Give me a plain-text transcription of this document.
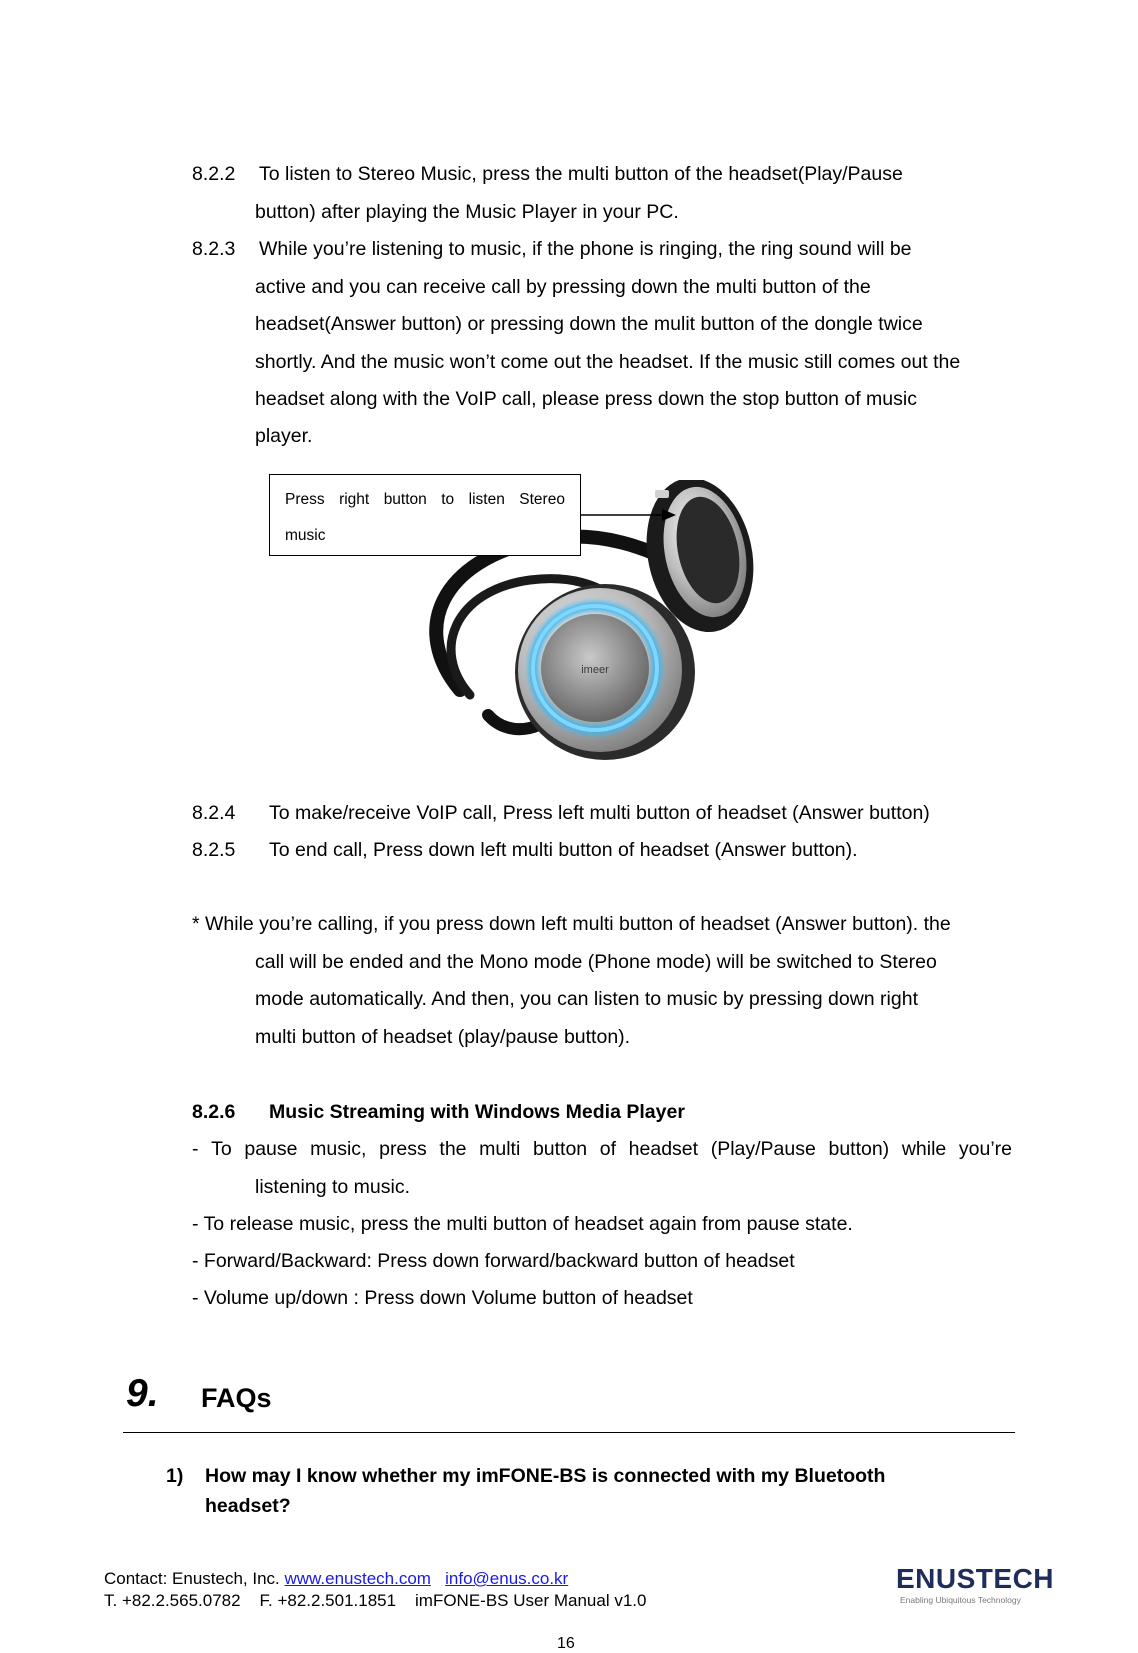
8.2.2 To listen to Stereo Music, press the multi button of the headset(Play/Pause
button) after playing the Music Player in your PC.
8.2.3 While you’re listening to music, if the phone is ringing, the ring sound will be
active and you can receive call by pressing down the multi button of the
headset(Answer button) or pressing down the mulit button of the dongle twice
shortly. And the music won’t come out the headset. If the music still comes out the
headset along with the VoIP call, please press down the stop button of music
player.
imeer
Press right button to listen Stereo
music
8.2.4 To make/receive VoIP call, Press left multi button of headset (Answer button)
8.2.5 To end call, Press down left multi button of headset (Answer button).
* While you’re calling, if you press down left multi button of headset (Answer button). the
call will be ended and the Mono mode (Phone mode) will be switched to Stereo
mode automatically. And then, you can listen to music by pressing down right
multi button of headset (play/pause button).
8.2.6 Music Streaming with Windows Media Player
- To pause music, press the multi button of headset (Play/Pause button) while you’re
listening to music.
- To release music, press the multi button of headset again from pause state.
- Forward/Backward: Press down forward/backward button of headset
- Volume up/down : Press down Volume button of headset
9. FAQs
1) How may I know whether my imFONE-BS is connected with my Bluetooth
headset?
Contact: Enustech, Inc. www.enustech.com info@enus.co.kr
T. +82.2.565.0782 F. +82.2.501.1851 imFONE-BS User Manual v1.0
16
ENUSTECH
Enabling Ubiquitous Technology
